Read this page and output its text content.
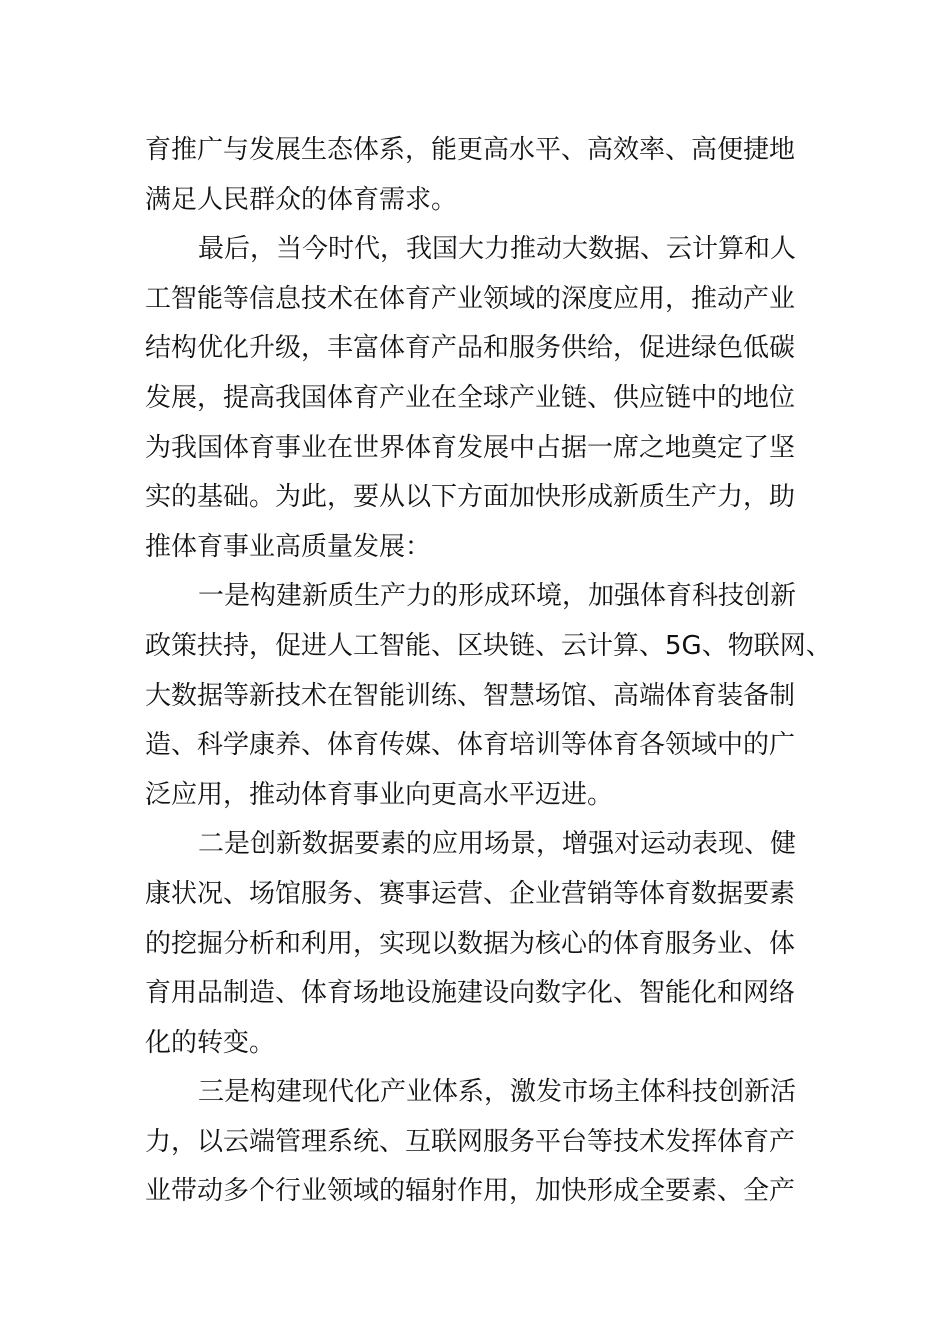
育推广与发展生态体系，能更高水平、高效率、高便捷地
满足人民群众的体育需求。
最后，当今时代，我国大力推动大数据、云计算和人
工智能等信息技术在体育产业领域的深度应用，推动产业
结构优化升级，丰富体育产品和服务供给，促进绿色低碳
发展，提高我国体育产业在全球产业链、供应链中的地位
为我国体育事业在世界体育发展中占据一席之地奠定了坚
实的基础。为此，要从以下方面加快形成新质生产力，助
推体育事业高质量发展：
一是构建新质生产力的形成环境，加强体育科技创新
政策扶持，促进人工智能、区块链、云计算、5G、物联网、
大数据等新技术在智能训练、智慧场馆、高端体育装备制
造、科学康养、体育传媒、体育培训等体育各领域中的广
泛应用，推动体育事业向更高水平迈进。
二是创新数据要素的应用场景，增强对运动表现、健
康状况、场馆服务、赛事运营、企业营销等体育数据要素
的挖掘分析和利用，实现以数据为核心的体育服务业、体
育用品制造、体育场地设施建设向数字化、智能化和网络
化的转变。
三是构建现代化产业体系，激发市场主体科技创新活
力，以云端管理系统、互联网服务平台等技术发挥体育产
业带动多个行业领域的辐射作用，加快形成全要素、全产
